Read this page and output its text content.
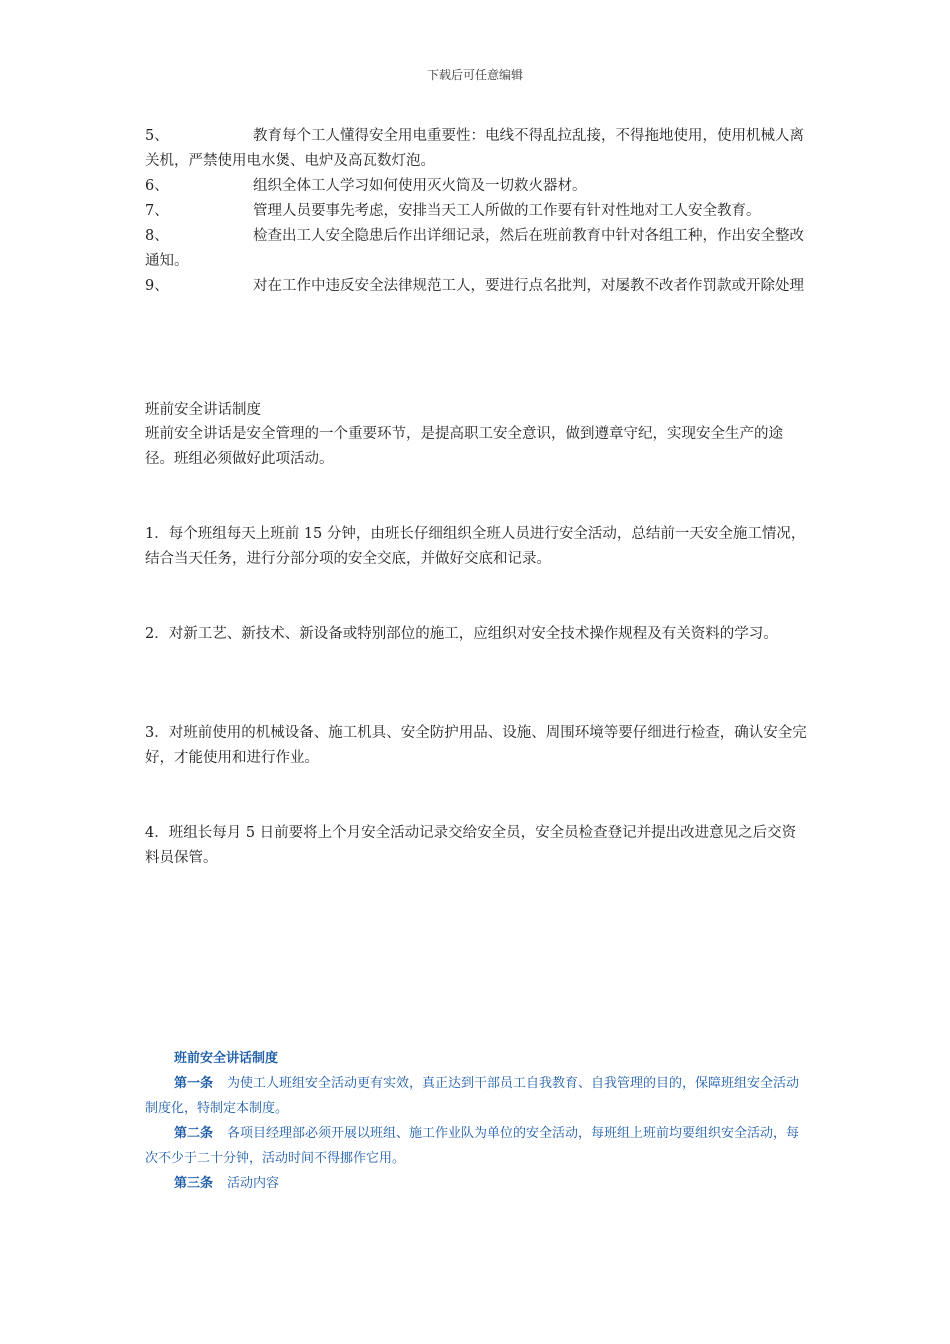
下载后可任意编辑

5、	教育每个工人懂得安全用电重要性：电线不得乱拉乱接，不得拖地使用，使用机械人离关机，严禁使用电水煲、电炉及高瓦数灯泡。

6、	组织全体工人学习如何使用灭火筒及一切救火器材。

7、	管理人员要事先考虑，安排当天工人所做的工作要有针对性地对工人安全教育。

8、	检查出工人安全隐患后作出详细记录，然后在班前教育中针对各组工种，作出安全整改通知。

9、	对在工作中违反安全法律规范工人，要进行点名批判，对屡教不改者作罚款或开除处理

班前安全讲话制度
班前安全讲话是安全管理的一个重要环节，是提高职工安全意识，做到遵章守纪，实现安全生产的途径。班组必须做好此项活动。
1．每个班组每天上班前 15 分钟，由班长仔细组织全班人员进行安全活动，总结前一天安全施工情况，结合当天任务，进行分部分项的安全交底，并做好交底和记录。
2．对新工艺、新技术、新设备或特别部位的施工，应组织对安全技术操作规程及有关资料的学习。
3．对班前使用的机械设备、施工机具、安全防护用品、设施、周围环境等要仔细进行检查，确认安全完好，才能使用和进行作业。
4．班组长每月 5 日前要将上个月安全活动记录交给安全员，安全员检查登记并提出改进意见之后交资料员保管。
班前安全讲话制度
第一条 为使工人班组安全活动更有实效，真正达到干部员工自我教育、自我管理的目的，保障班组安全活动制度化，特制定本制度。
第二条 各项目经理部必须开展以班组、施工作业队为单位的安全活动，每班组上班前均要组织安全活动，每次不少于二十分钟，活动时间不得挪作它用。
第三条 活动内容
